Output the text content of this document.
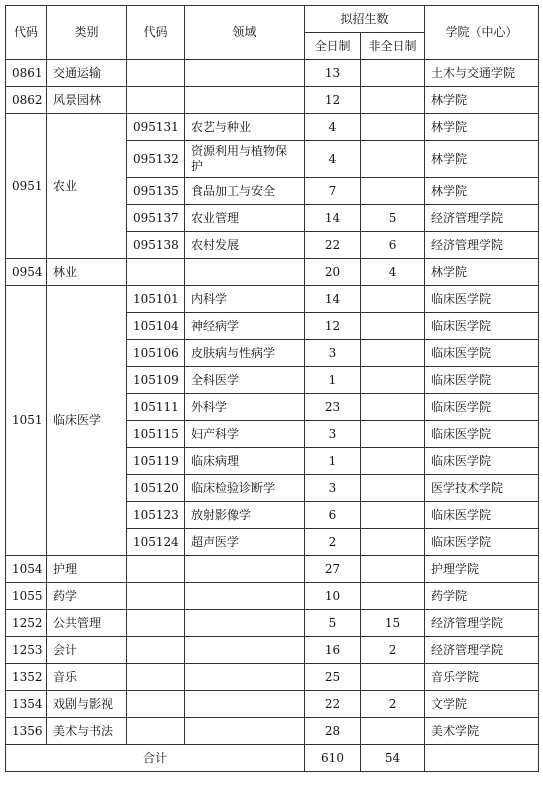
代码	类别	代码	领域	拟招生数		学院（中心）
				全日制	非全日制	
0861	交通运输			13		土木与交通学院
0862	风景园林			12		林学院
0951	农业	095131	农艺与种业	4		林学院
		095132	资源利用与植物保护	4		林学院
		095135	食品加工与安全	7		林学院
		095137	农业管理	14	5	经济管理学院
		095138	农村发展	22	6	经济管理学院
0954	林业			20	4	林学院
1051	临床医学	105101	内科学	14		临床医学院
		105104	神经病学	12		临床医学院
		105106	皮肤病与性病学	3		临床医学院
		105109	全科医学	1		临床医学院
		105111	外科学	23		临床医学院
		105115	妇产科学	3		临床医学院
		105119	临床病理	1		临床医学院
		105120	临床检验诊断学	3		医学技术学院
		105123	放射影像学	6		临床医学院
		105124	超声医学	2		临床医学院
1054	护理			27		护理学院
1055	药学			10		药学院
1252	公共管理			5	15	经济管理学院
1253	会计			16	2	经济管理学院
1352	音乐			25		音乐学院
1354	戏剧与影视			22	2	文学院
1356	美术与书法			28		美术学院
合计				610	54	
